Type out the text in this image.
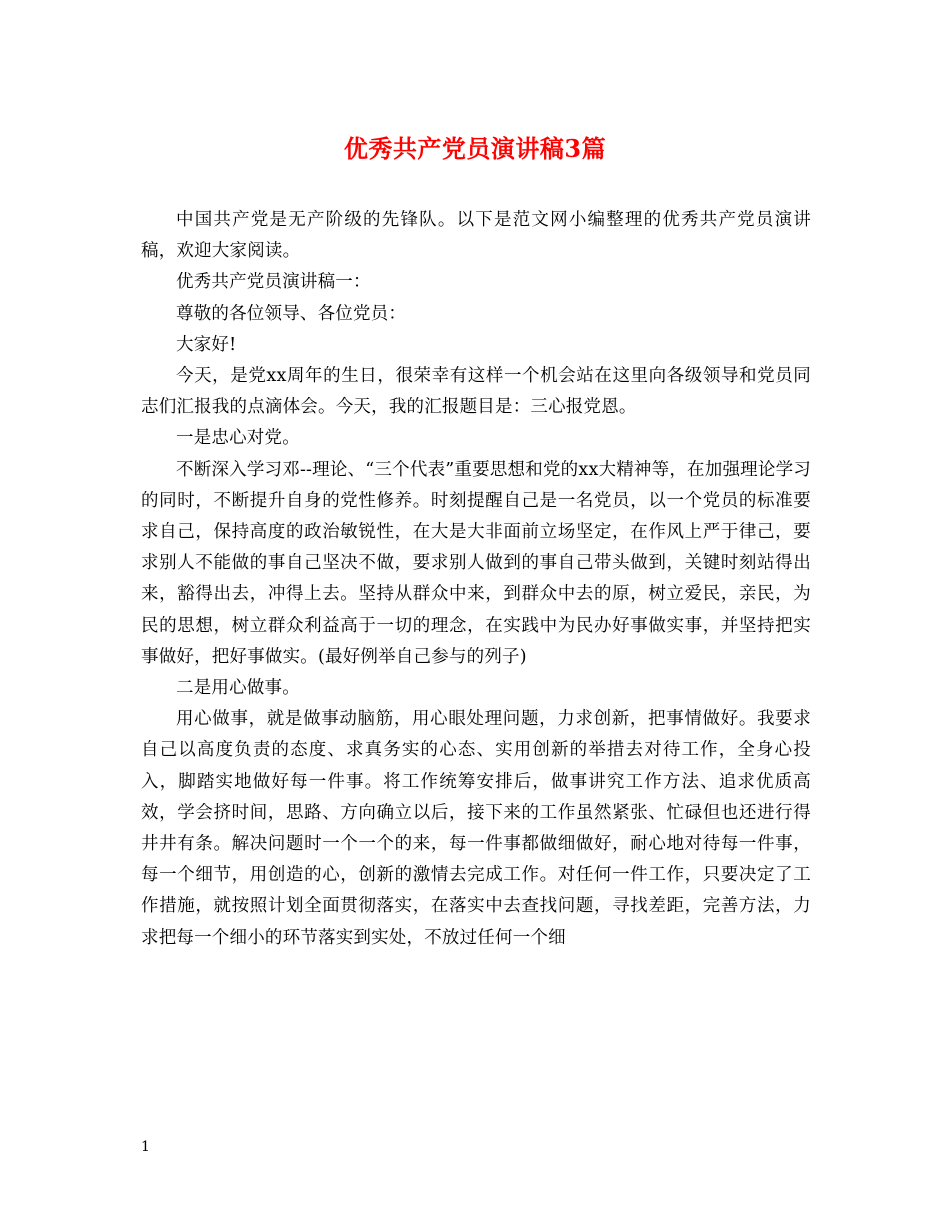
优秀共产党员演讲稿3篇

中国共产党是无产阶级的先锋队。以下是范文网小编整理的优秀共产党员演讲稿，欢迎大家阅读。

优秀共产党员演讲稿一：

尊敬的各位领导、各位党员：

大家好!

今天，是党xx周年的生日，很荣幸有这样一个机会站在这里向各级领导和党员同志们汇报我的点滴体会。今天，我的汇报题目是：三心报党恩。

一是忠心对党。

不断深入学习邓--理论、“三个代表”重要思想和党的xx大精神等，在加强理论学习的同时，不断提升自身的党性修养。时刻提醒自己是一名党员，以一个党员的标准要求自己，保持高度的政治敏锐性，在大是大非面前立场坚定，在作风上严于律己，要求别人不能做的事自己坚决不做，要求别人做到的事自己带头做到，关键时刻站得出来，豁得出去，冲得上去。坚持从群众中来，到群众中去的原，树立爱民，亲民，为民的思想，树立群众利益高于一切的理念，在实践中为民办好事做实事，并坚持把实事做好，把好事做实。(最好例举自己参与的列子)

二是用心做事。

用心做事，就是做事动脑筋，用心眼处理问题，力求创新，把事情做好。我要求自己以高度负责的态度、求真务实的心态、实用创新的举措去对待工作，全身心投入，脚踏实地做好每一件事。将工作统筹安排后，做事讲究工作方法、追求优质高效，学会挤时间，思路、方向确立以后，接下来的工作虽然紧张、忙碌但也还进行得井井有条。解决问题时一个一个的来，每一件事都做细做好，耐心地对待每一件事，每一个细节，用创造的心，创新的激情去完成工作。对任何一件工作，只要决定了工作措施，就按照计划全面贯彻落实，在落实中去查找问题，寻找差距，完善方法，力求把每一个细小的环节落实到实处，不放过任何一个细

1
